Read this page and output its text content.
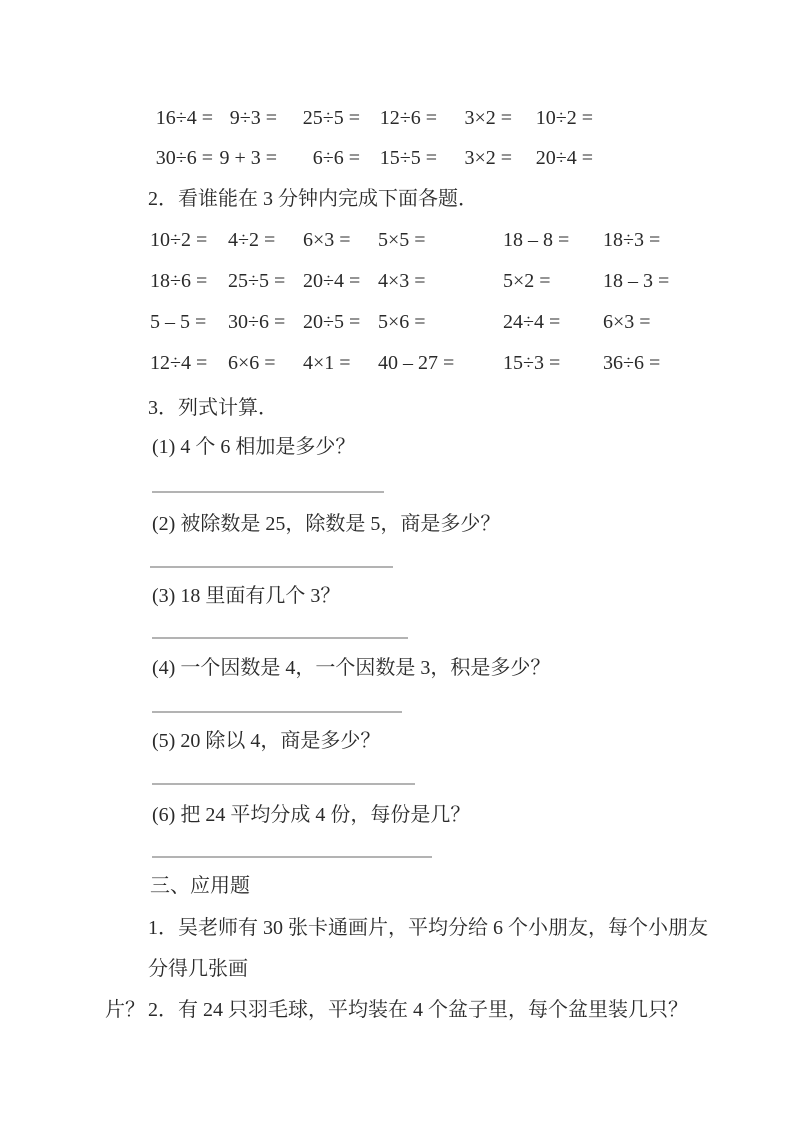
16÷4 = 9÷3 =	25÷5 = 12÷6 =	3×2 =	10÷2 =
30÷6 = 9 + 3 =	6÷6 = 15÷5 =	3×2 =	20÷4 =
2．看谁能在 3 分钟内完成下面各题．
10÷2 =	4÷2 =	6×3 =	5×5 =	18 – 8 =	18÷3 =
18÷6 =	25÷5 = 20÷4 = 4×3 =	5×2 =	18 – 3 =
5 – 5 =	30÷6 = 20÷5 = 5×6 =	24÷4 =	6×3 =
12÷4 =	6×6 =	4×1 =	40 – 27 =	15÷3 =	36÷6 =
3．列式计算．
(1) 4 个 6 相加是多少？
(2) 被除数是 25，除数是 5，商是多少？
(3) 18 里面有几个 3？
(4) 一个因数是 4，一个因数是 3，积是多少？
(5) 20 除以 4，商是多少？
(6) 把 24 平均分成 4 份，每份是几？
三、应用题
1．吴老师有 30 张卡通画片，平均分给 6 个小朋友，每个小朋友分得几张画
片？ 2．有 24 只羽毛球，平均装在 4 个盆子里，每个盆里装几只？
